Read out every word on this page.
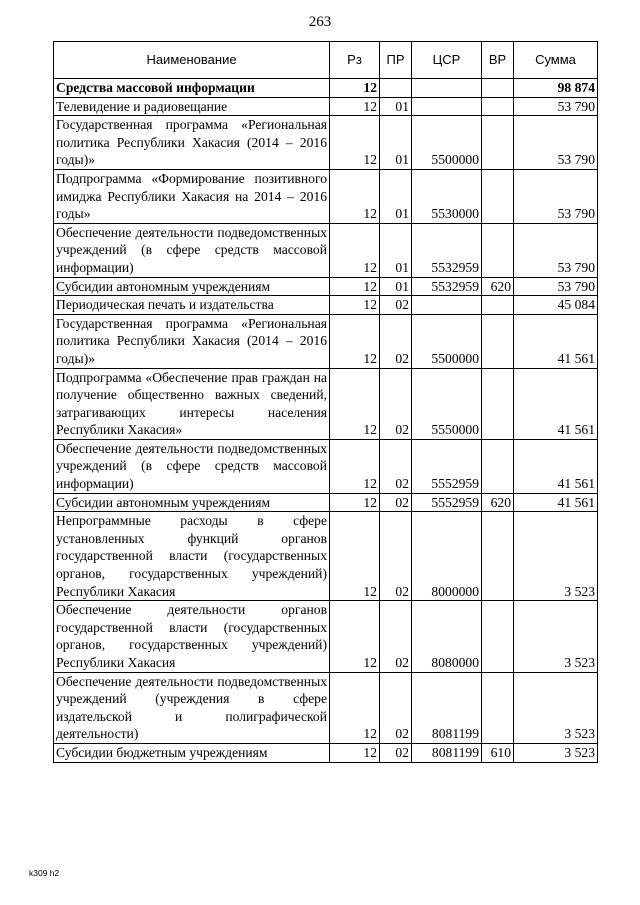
263
Наименование	Рз	ПР	ЦСР	ВР	Сумма
Средства массовой информации	12				98 874
Телевидение и радиовещание	12	01			53 790
Государственная программа «Региональная политика Республики Хакасия (2014 – 2016 годы)»	12	01	5500000		53 790
Подпрограмма «Формирование позитивного имиджа Республики Хакасия на 2014 – 2016 годы»	12	01	5530000		53 790
Обеспечение деятельности подведомственных учреждений (в сфере средств массовой информации)	12	01	5532959		53 790
Субсидии автономным учреждениям	12	01	5532959	620	53 790
Периодическая печать и издательства	12	02			45 084
Государственная программа «Региональная политика Республики Хакасия (2014 – 2016 годы)»	12	02	5500000		41 561
Подпрограмма «Обеспечение прав граждан на получение общественно важных сведений, затрагивающих интересы населения Республики Хакасия»	12	02	5550000		41 561
Обеспечение деятельности подведомственных учреждений (в сфере средств массовой информации)	12	02	5552959		41 561
Субсидии автономным учреждениям	12	02	5552959	620	41 561
Непрограммные расходы в сфере установленных функций органов государственной власти (государственных органов, государственных учреждений) Республики Хакасия	12	02	8000000		3 523
Обеспечение деятельности органов государственной власти (государственных органов, государственных учреждений) Республики Хакасия	12	02	8080000		3 523
Обеспечение деятельности подведомственных учреждений (учреждения в сфере издательской и полиграфической деятельности)	12	02	8081199		3 523
Субсидии бюджетным учреждениям	12	02	8081199	610	3 523
k309 h2
